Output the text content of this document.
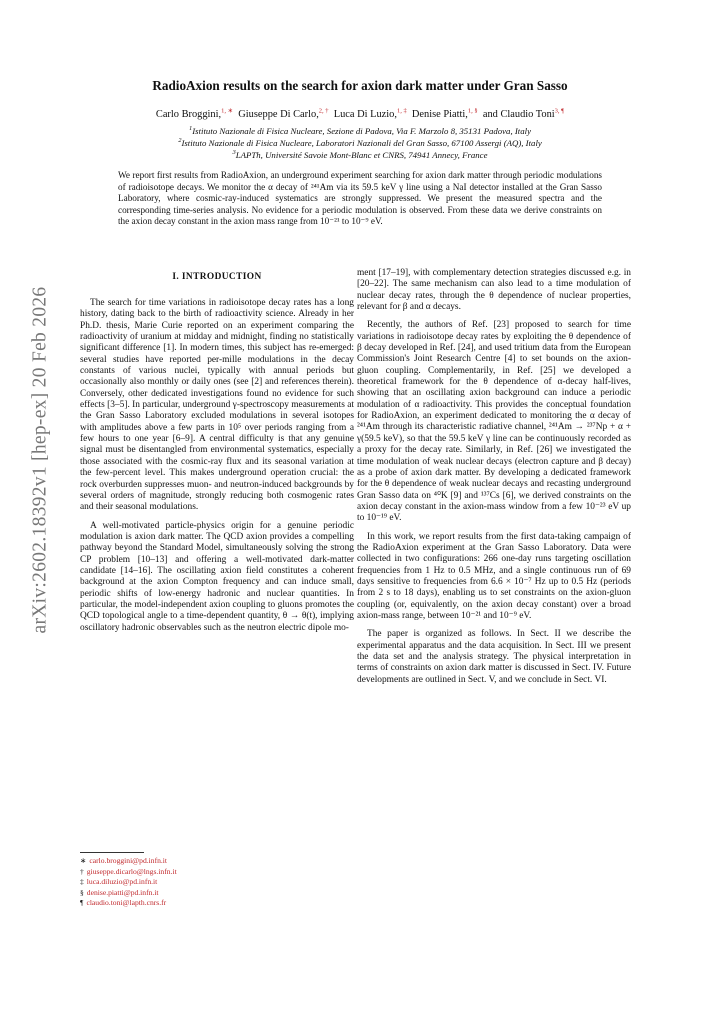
arXiv:2602.18392v1 [hep-ex] 20 Feb 2026
RadioAxion results on the search for axion dark matter under Gran Sasso
Carlo Broggini,$^{1, ∗}$ Giuseppe Di Carlo,$^{2, \dagger}$ Luca Di Luzio,$^{1, \ddagger}$ Denise Piatti,$^{1, \S}$ and Claudio Toni$^{3, \P}$
$^1$Istituto Nazionale di Fisica Nucleare, Sezione di Padova, Via F. Marzolo 8, 35131 Padova, Italy
$^2$Istituto Nazionale di Fisica Nucleare, Laboratori Nazionali del Gran Sasso, 67100 Assergi (AQ), Italy
$^3$LAPTh, Université Savoie Mont-Blanc et CNRS, 74941 Annecy, France
We report first results from RadioAxion, an underground experiment searching for axion dark matter through periodic modulations of radioisotope decays. We monitor the α decay of ²⁴¹Am via its 59.5 keV γ line using a NaI detector installed at the Gran Sasso Laboratory, where cosmic-ray-induced systematics are strongly suppressed. We present the measured spectra and the corresponding time-series analysis. No evidence for a periodic modulation is observed. From these data we derive constraints on the axion decay constant in the axion mass range from 10⁻²¹ to 10⁻⁹ eV.
I. INTRODUCTION

The search for time variations in radioisotope decay rates has a long history, dating back to the birth of radioactivity science. Already in her Ph.D. thesis, Marie Curie reported on an experiment comparing the radioactivity of uranium at midday and midnight, finding no statistically significant difference [1]. In modern times, this subject has re-emerged: several studies have reported per-mille modulations in the decay constants of various nuclei, typically with annual periods but occasionally also monthly or daily ones (see [2] and references therein). Conversely, other dedicated investigations found no evidence for such effects [3–5]. In particular, underground γ-spectroscopy measurements at the Gran Sasso Laboratory excluded modulations in several isotopes with amplitudes above a few parts in 10⁵ over periods ranging from a few hours to one year [6–9]. A central difficulty is that any genuine signal must be disentangled from environmental systematics, especially those associated with the cosmic-ray flux and its seasonal variation at the few-percent level. This makes underground operation crucial: the rock overburden suppresses muon- and neutron-induced backgrounds by several orders of magnitude, strongly reducing both cosmogenic rates and their seasonal modulations.

A well-motivated particle-physics origin for a genuine periodic modulation is axion dark matter. The QCD axion provides a compelling pathway beyond the Standard Model, simultaneously solving the strong CP problem [10–13] and offering a well-motivated dark-matter candidate [14–16]. The oscillating axion field constitutes a coherent background at the axion Compton frequency and can induce small, periodic shifts of low-energy hadronic and nuclear quantities. In particular, the model-independent axion coupling to gluons promotes the QCD topological angle to a time-dependent quantity, θ → θ(t), implying oscillatory hadronic observables such as the neutron electric dipole mo-

ment [17–19], with complementary detection strategies discussed e.g. in [20–22]. The same mechanism can also lead to a time modulation of nuclear decay rates, through the θ dependence of nuclear properties, relevant for β and α decays.

Recently, the authors of Ref. [23] proposed to search for time variations in radioisotope decay rates by exploiting the θ dependence of β decay developed in Ref. [24], and used tritium data from the European Commission's Joint Research Centre [4] to set bounds on the axion-gluon coupling. Complementarily, in Ref. [25] we developed a theoretical framework for the θ dependence of α-decay half-lives, showing that an oscillating axion background can induce a periodic modulation of α radioactivity. This provides the conceptual foundation for RadioAxion, an experiment dedicated to monitoring the α decay of ²⁴¹Am through its characteristic radiative channel, ²⁴¹Am → ²³⁷Np + α + γ(59.5 keV), so that the 59.5 keV γ line can be continuously recorded as a proxy for the decay rate. Similarly, in Ref. [26] we investigated the time modulation of weak nuclear decays (electron capture and β decay) as a probe of axion dark matter. By developing a dedicated framework for the θ dependence of weak nuclear decays and recasting underground Gran Sasso data on ⁴⁰K [9] and ¹³⁷Cs [6], we derived constraints on the axion decay constant in the axion-mass window from a few 10⁻²³ eV up to 10⁻¹⁹ eV.

In this work, we report results from the first data-taking campaign of the RadioAxion experiment at the Gran Sasso Laboratory. Data were collected in two configurations: 266 one-day runs targeting oscillation frequencies from 1 Hz to 0.5 MHz, and a single continuous run of 69 days sensitive to frequencies from 6.6 × 10⁻⁷ Hz up to 0.5 Hz (periods from 2 s to 18 days), enabling us to set constraints on the axion-gluon coupling (or, equivalently, on the axion decay constant) over a broad axion-mass range, between 10⁻²¹ and 10⁻⁹ eV.

The paper is organized as follows. In Sect. II we describe the experimental apparatus and the data acquisition. In Sect. III we present the data set and the analysis strategy. The physical interpretation in terms of constraints on axion dark matter is discussed in Sect. IV. Future developments are outlined in Sect. V, and we conclude in Sect. VI.

∗ carlo.broggini@pd.infn.it
† giuseppe.dicarlo@lngs.infn.it
‡ luca.diluzio@pd.infn.it
§ denise.piatti@pd.infn.it
¶ claudio.toni@lapth.cnrs.fr
